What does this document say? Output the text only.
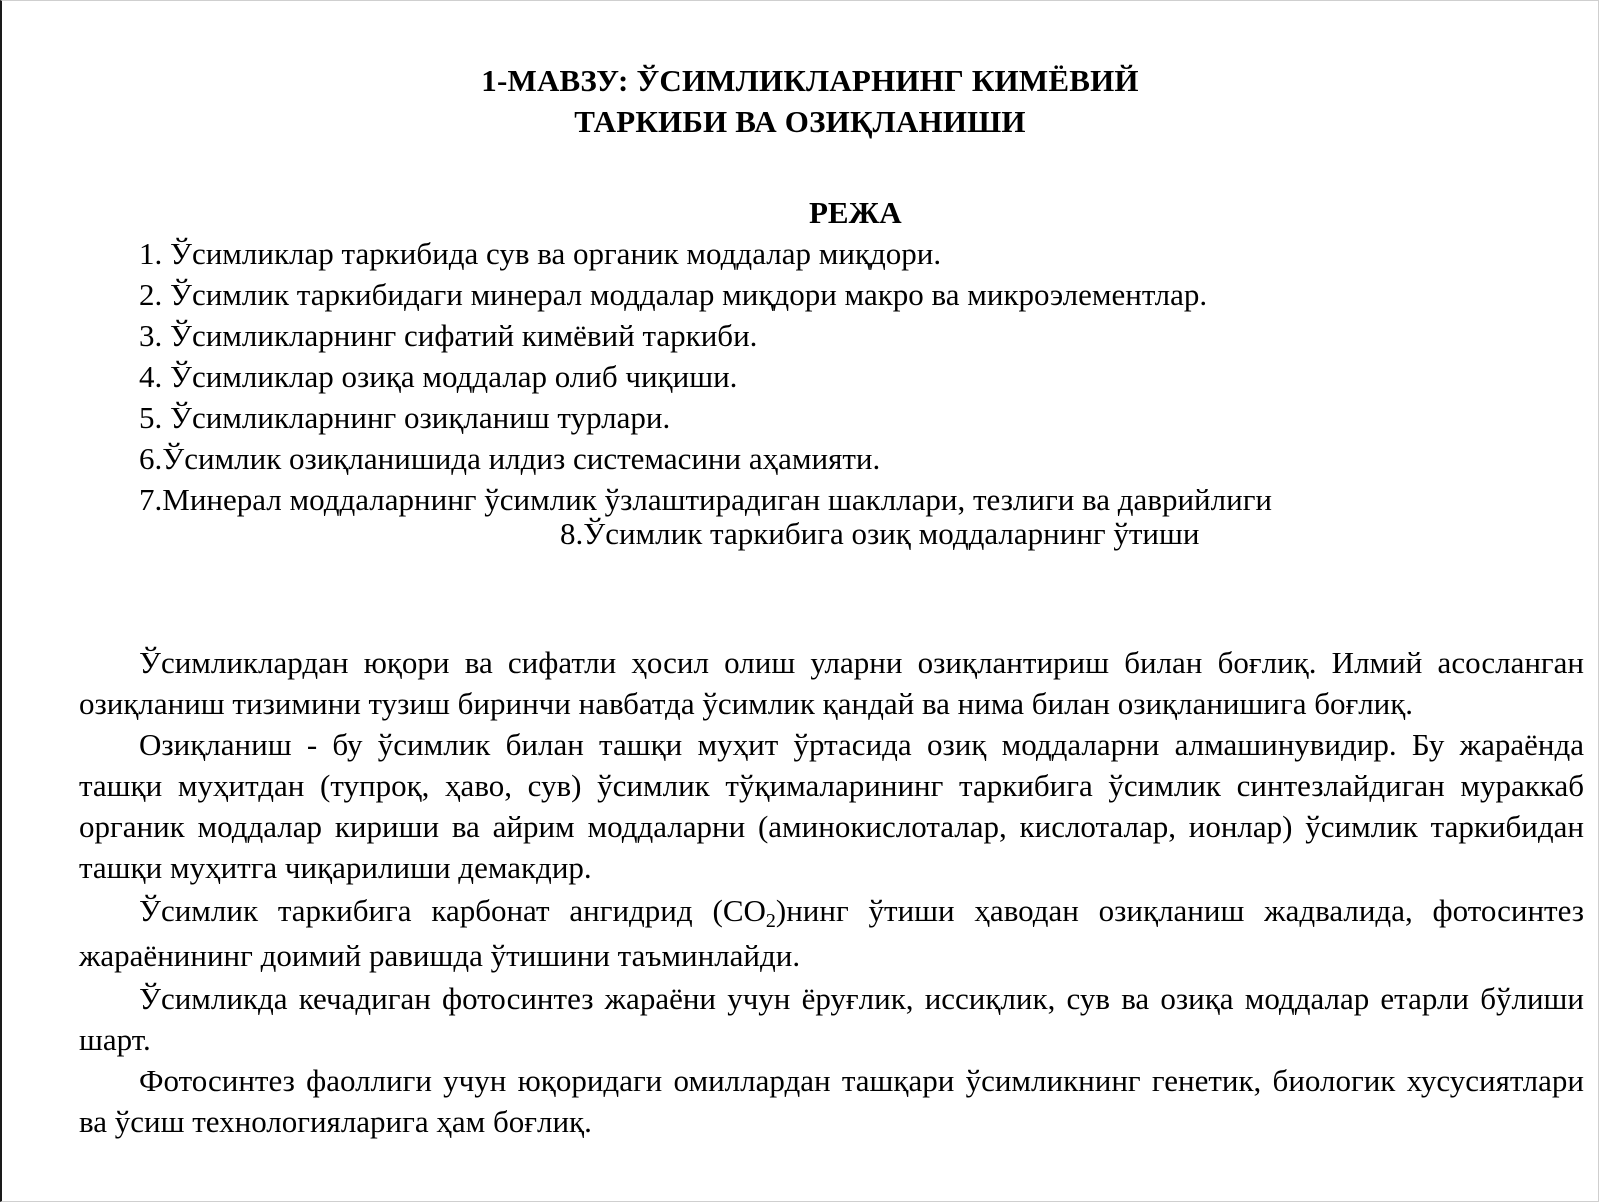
1-МАВЗУ: ЎСИМЛИКЛАРНИНГ КИМЁВИЙ
ТАРКИБИ ВА ОЗИҚЛАНИШИ
РЕЖА
1. Ўсимликлар таркибида сув ва органик моддалар миқдори.
2. Ўсимлик таркибидаги минерал моддалар миқдори макро ва микроэлементлар.
3. Ўсимликларнинг сифатий кимёвий таркиби.
4. Ўсимликлар озиқа моддалар олиб чиқиши.
5. Ўсимликларнинг озиқланиш турлари.
6.Ўсимлик озиқланишида илдиз системасини аҳамияти.
7.Минерал моддаларнинг ўсимлик ўзлаштирадиган шакллари, тезлиги ва даврийлиги
8.Ўсимлик таркибига озиқ моддаларнинг ўтиши

Ўсимликлардан юқори ва сифатли ҳосил олиш уларни озиқлантириш билан боғлиқ. Илмий асосланган озиқланиш тизимини тузиш биринчи навбатда ўсимлик қандай ва нима билан озиқланишига боғлиқ.

Озиқланиш - бу ўсимлик билан ташқи муҳит ўртасида озиқ моддаларни алмашинувидир. Бу жараёнда ташқи муҳитдан (тупроқ, ҳаво, сув) ўсимлик тўқималарининг таркибига ўсимлик синтезлайдиган мураккаб органик моддалар кириши ва айрим моддаларни (аминокислоталар, кислоталар, ионлар) ўсимлик таркибидан ташқи муҳитга чиқарилиши демакдир.

Ўсимлик таркибига карбонат ангидрид $(СО_2)нинг$ ўтиши ҳаводан озиқланиш жадвалида, фотосинтез жараёнининг доимий равишда ўтишини таъминлайди.

Ўсимликда кечадиган фотосинтез жараёни учун ёруғлик, иссиқлик, сув ва озиқа моддалар етарли бўлиши шарт.

Фотосинтез фаоллиги учун юқоридаги омиллардан ташқари ўсимликнинг генетик, биологик хусусиятлари ва ўсиш технологияларига ҳам боғлиқ.
